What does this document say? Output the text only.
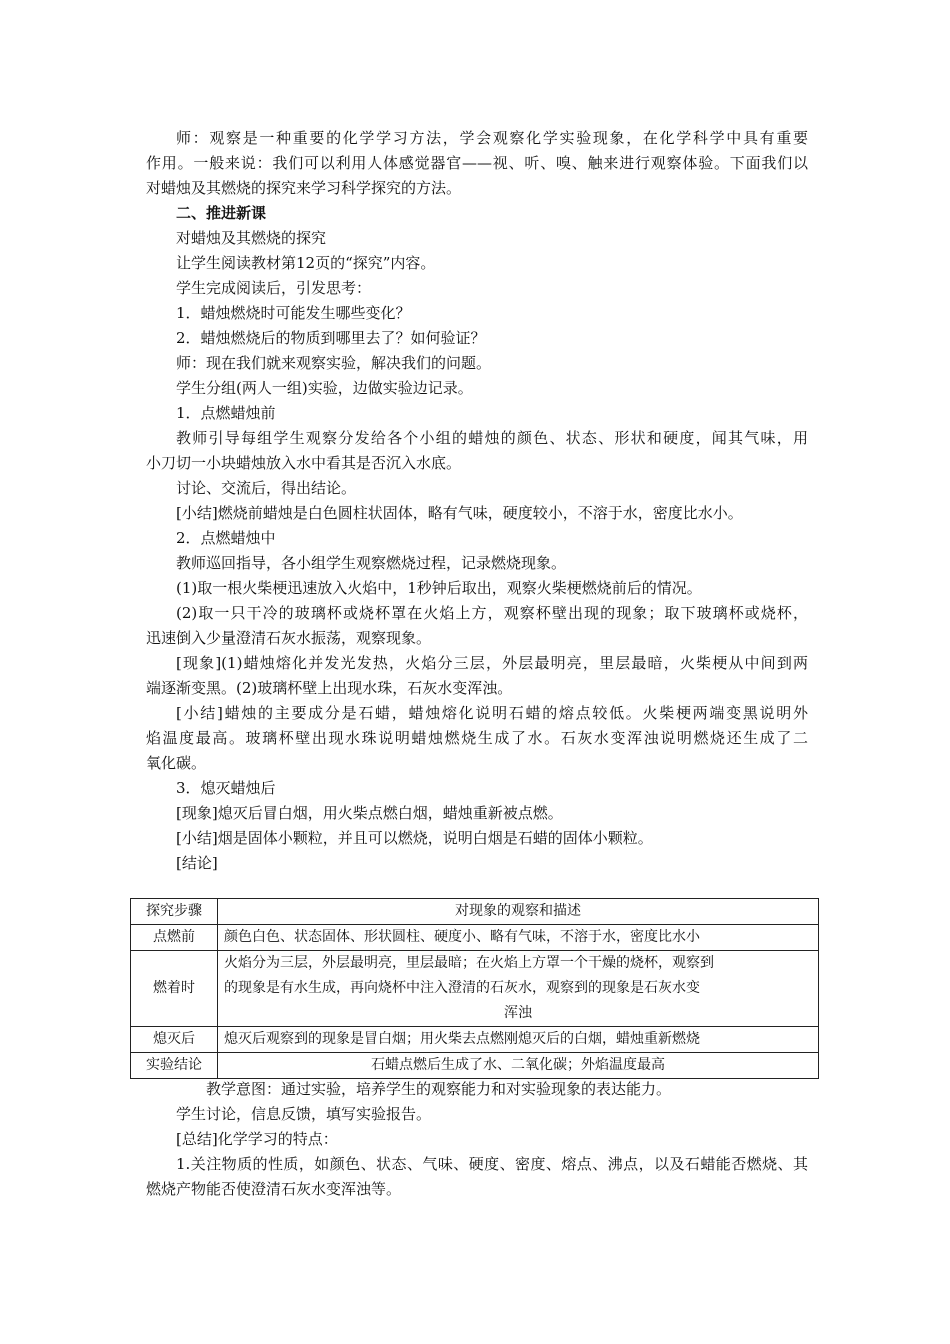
师：观察是一种重要的化学学习方法，学会观察化学实验现象，在化学科学中具有重要
作用。一般来说：我们可以利用人体感觉器官——视、听、嗅、触来进行观察体验。下面我们以
对蜡烛及其燃烧的探究来学习科学探究的方法。
二、推进新课
对蜡烛及其燃烧的探究
让学生阅读教材第12页的“探究”内容。
学生完成阅读后，引发思考：
1．蜡烛燃烧时可能发生哪些变化？
2．蜡烛燃烧后的物质到哪里去了？如何验证？
师：现在我们就来观察实验，解决我们的问题。
学生分组(两人一组)实验，边做实验边记录。
1．点燃蜡烛前
教师引导每组学生观察分发给各个小组的蜡烛的颜色、状态、形状和硬度，闻其气味，用
小刀切一小块蜡烛放入水中看其是否沉入水底。
讨论、交流后，得出结论。
[小结]燃烧前蜡烛是白色圆柱状固体，略有气味，硬度较小，不溶于水，密度比水小。
2．点燃蜡烛中
教师巡回指导，各小组学生观察燃烧过程，记录燃烧现象。
(1)取一根火柴梗迅速放入火焰中，1秒钟后取出，观察火柴梗燃烧前后的情况。
(2)取一只干冷的玻璃杯或烧杯罩在火焰上方，观察杯壁出现的现象；取下玻璃杯或烧杯，
迅速倒入少量澄清石灰水振荡，观察现象。
[现象](1)蜡烛熔化并发光发热，火焰分三层，外层最明亮，里层最暗，火柴梗从中间到两
端逐渐变黑。(2)玻璃杯壁上出现水珠，石灰水变浑浊。
[小结]蜡烛的主要成分是石蜡，蜡烛熔化说明石蜡的熔点较低。火柴梗两端变黑说明外
焰温度最高。玻璃杯壁出现水珠说明蜡烛燃烧生成了水。石灰水变浑浊说明燃烧还生成了二
氧化碳。
3．熄灭蜡烛后
[现象]熄灭后冒白烟，用火柴点燃白烟，蜡烛重新被点燃。
[小结]烟是固体小颗粒，并且可以燃烧，说明白烟是石蜡的固体小颗粒。
[结论]
探究步骤	对现象的观察和描述
点燃前	颜色白色、状态固体、形状圆柱、硬度小、略有气味，不溶于水，密度比水小
燃着时	火焰分为三层，外层最明亮，里层最暗；在火焰上方罩一个干燥的烧杯，观察到
的现象是有水生成，再向烧杯中注入澄清的石灰水，观察到的现象是石灰水变
浑浊

熄灭后	熄灭后观察到的现象是冒白烟；用火柴去点燃刚熄灭后的白烟，蜡烛重新燃烧
实验结论	石蜡点燃后生成了水、二氧化碳；外焰温度最高
教学意图：通过实验，培养学生的观察能力和对实验现象的表达能力。
学生讨论，信息反馈，填写实验报告。
[总结]化学学习的特点：
1.关注物质的性质，如颜色、状态、气味、硬度、密度、熔点、沸点，以及石蜡能否燃烧、其
燃烧产物能否使澄清石灰水变浑浊等。
